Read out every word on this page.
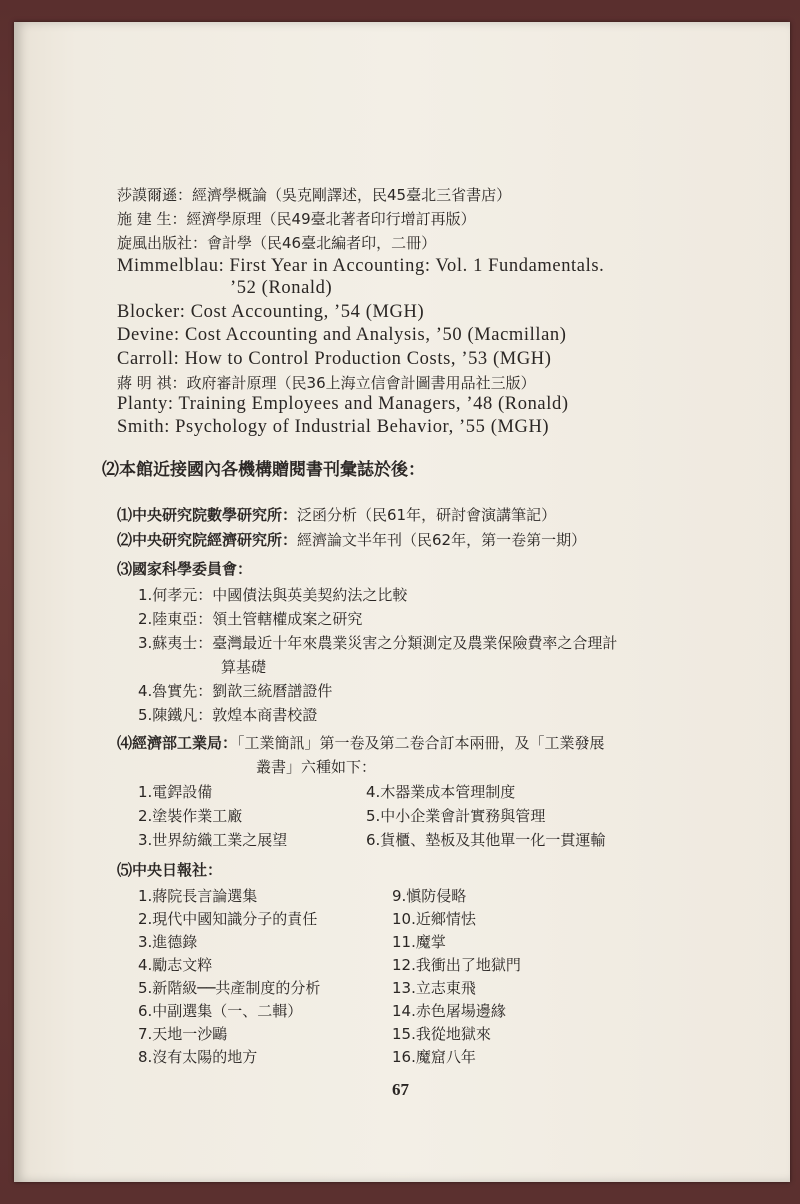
莎謨爾遜：經濟學概論（吳克剛譯述，民45臺北三省書店）
施 建 生：經濟學原理（民49臺北著者印行增訂再版）
旋風出版社：會計學（民46臺北編者印，二冊）
Mimmelblau: First Year in Accounting: Vol. 1 Fundamentals.
’52 (Ronald)
Blocker: Cost Accounting, ’54 (MGH)
Devine: Cost Accounting and Analysis, ’50 (Macmillan)
Carroll: How to Control Production Costs, ’53 (MGH)
蔣 明 祺：政府審計原理（民36上海立信會計圖書用品社三版）
Planty: Training Employees and Managers, ’48 (Ronald)
Smith: Psychology of Industrial Behavior, ’55 (MGH)
⑵本館近接國內各機構贈閱書刊彙誌於後：
⑴中央研究院數學研究所：泛函分析（民61年，研討會演講筆記）
⑵中央研究院經濟研究所：經濟論文半年刊（民62年，第一卷第一期）
⑶國家科學委員會：
1.何孝元：中國債法與英美契約法之比較
2.陸東亞：領土管轄權成案之研究
3.蘇夷士：臺灣最近十年來農業災害之分類測定及農業保險費率之合理計
算基礎
4.魯實先：劉歆三統曆譜證件
5.陳鐵凡：敦煌本商書校證
⑷經濟部工業局：「工業簡訊」第一卷及第二卷合訂本兩冊，及「工業發展
叢書」六種如下：
1.電銲設備
2.塗裝作業工廠
3.世界紡織工業之展望
4.木器業成本管理制度
5.中小企業會計實務與管理
6.貨櫃、墊板及其他單一化一貫運輸
⑸中央日報社：
1.蔣院長言論選集
2.現代中國知識分子的責任
3.進德錄
4.勵志文粹
5.新階級──共產制度的分析
6.中副選集（一、二輯）
7.天地一沙鷗
8.沒有太陽的地方
9.愼防侵略
10.近鄉情怯
11.魔掌
12.我衝出了地獄門
13.立志東飛
14.赤色屠場邊緣
15.我從地獄來
16.魔窟八年
67
